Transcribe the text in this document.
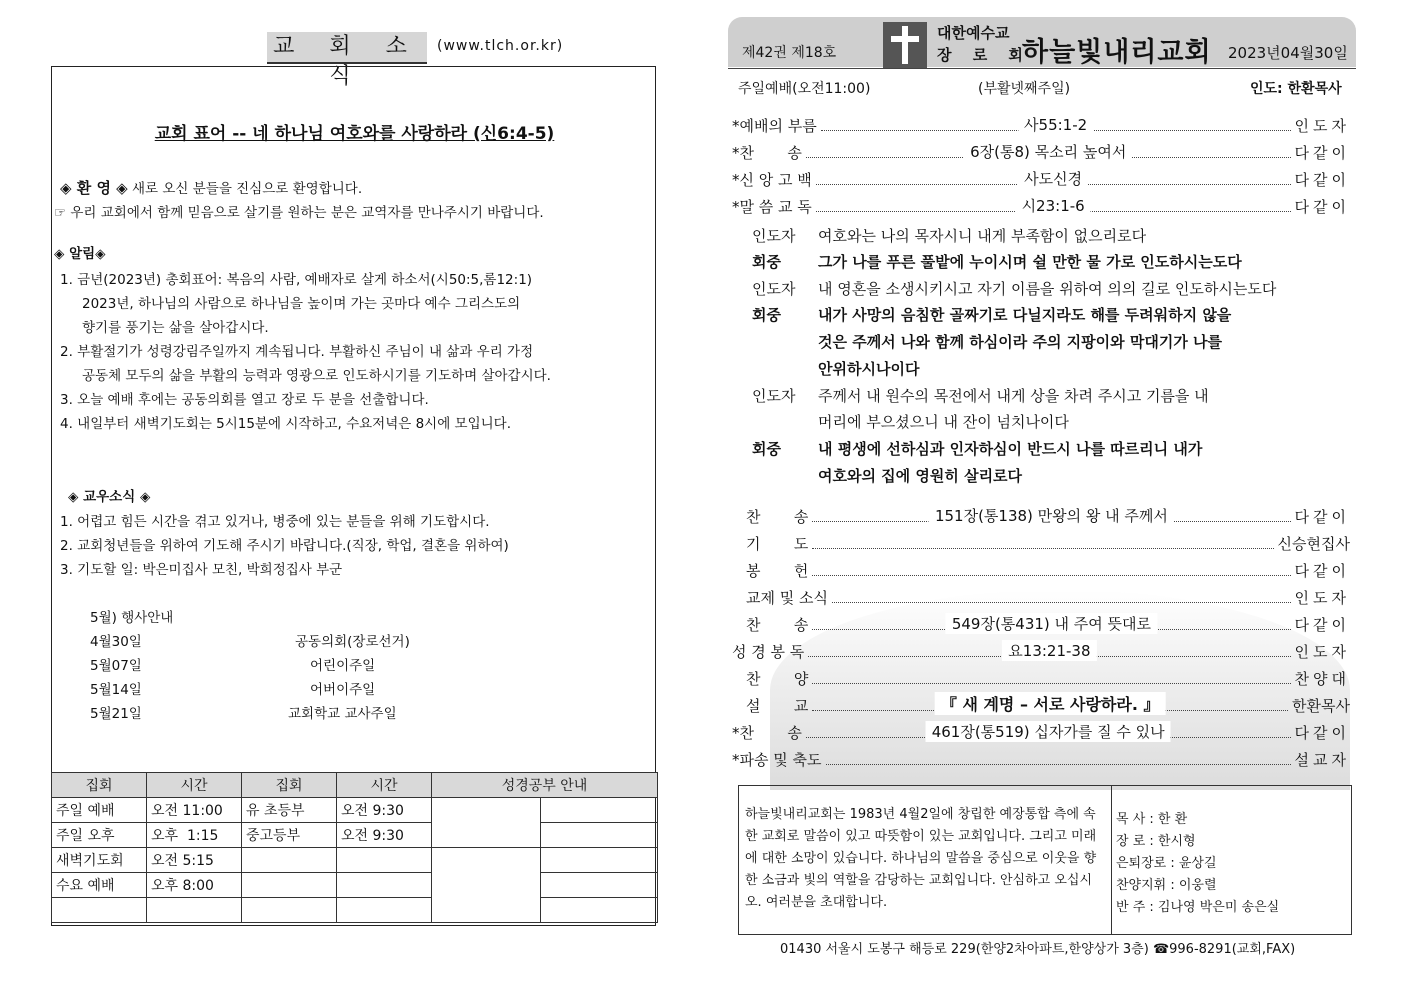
교 회 소 식
(www.tlch.or.kr)
교회 표어 -- 네 하나님 여호와를 사랑하라 (신6:4-5)
◈ 환 영 ◈ 새로 오신 분들을 진심으로 환영합니다.
☞ 우리 교회에서 함께 믿음으로 살기를 원하는 분은 교역자를 만나주시기 바랍니다.
◈ 알림◈
1. 금년(2023년) 총회표어: 복음의 사람, 예배자로 살게 하소서(시50:5,롬12:1)
2023년, 하나님의 사람으로 하나님을 높이며 가는 곳마다 예수 그리스도의
향기를 풍기는 삶을 살아갑시다.
2. 부활절기가 성령강림주일까지 계속됩니다. 부활하신 주님이 내 삶과 우리 가정
공동체 모두의 삶을 부활의 능력과 영광으로 인도하시기를 기도하며 살아갑시다.
3. 오늘 예배 후에는 공동의회를 열고 장로 두 분을 선출합니다.
4. 내일부터 새벽기도회는 5시15분에 시작하고, 수요저녁은 8시에 모입니다.
◈ 교우소식 ◈
1. 어렵고 힘든 시간을 겪고 있거나, 병중에 있는 분들을 위해 기도합시다.
2. 교회청년들을 위하여 기도해 주시기 바랍니다.(직장, 학업, 결혼을 위하여)
3. 기도할 일: 박은미집사 모친, 박희정집사 부군
5월) 행사안내
4월30일	공동의회(장로선거)
5월07일	어린이주일
5월14일	어버이주일
5월21일	교회학교 교사주일
집회	시간	집회	시간	성경공부 안내	
주일 예배	오전 11:00	유 초등부	오전 9:30		
주일 오후	오후  1:15	중고등부	오전 9:30		
새벽기도회	오전 5:15				
수요 예배	오후 8:00				

제42권 제18호
대한예수교
장 로 회
하늘빛내리교회 2023년04월30일
주일예배(오전11:00)	(부활넷째주일)	인도: 한환목사
*예배의 부름	사55:1-2	인도자
*찬       송	6장(통8) 목소리 높여서	다같이
*신 앙 고 백	사도신경	다같이
*말 씀 교 독	시23:1-6	다같이
인도자 여호와는 나의 목자시니 내게 부족함이 없으리로다
회중 그가 나를 푸른 풀밭에 누이시며 쉴 만한 물 가로 인도하시는도다
인도자 내 영혼을 소생시키시고 자기 이름을 위하여 의의 길로 인도하시는도다
회중 내가 사망의 음침한 골짜기로 다닐지라도 해를 두려워하지 않을
것은 주께서 나와 함께 하심이라 주의 지팡이와 막대기가 나를
안위하시나이다
인도자 주께서 내 원수의 목전에서 내게 상을 차려 주시고 기름을 내
머리에 부으셨으니 내 잔이 넘치나이다
회중 내 평생에 선하심과 인자하심이 반드시 나를 따르리니 내가
여호와의 집에 영원히 살리로다
찬       송	151장(통138) 만왕의 왕 내 주께서	다같이
기       도	신승현집사
봉       헌	다같이
교제 및 소식	인도자
찬       송	549장(통431) 내 주여 뜻대로	다같이
성 경 봉 독	요13:21-38	인도자
찬       양	찬양대
설       교	『 새 계명 – 서로 사랑하라. 』	한환목사
*찬       송	461장(통519) 십자가를 질 수 있나	다같이
*파송 및 축도	설교자
하늘빛내리교회는 1983년 4월2일에 창립한 예장통합 측에 속한 교회로 말씀이 있고 따뜻함이 있는 교회입니다. 그리고 미래에 대한 소망이 있습니다. 하나님의 말씀을 중심으로 이웃을 향한 소금과 빛의 역할을 감당하는 교회입니다. 안심하고 오십시오. 여러분을 초대합니다.
목 사 : 한 환
장 로 : 한시형
은퇴장로 : 윤상길
찬양지휘 : 이웅렬
반 주 : 김나영 박은미 송은실
01430 서울시 도봉구 해등로 229(한양2차아파트,한양상가 3층) ☎996-8291(교회,FAX)
